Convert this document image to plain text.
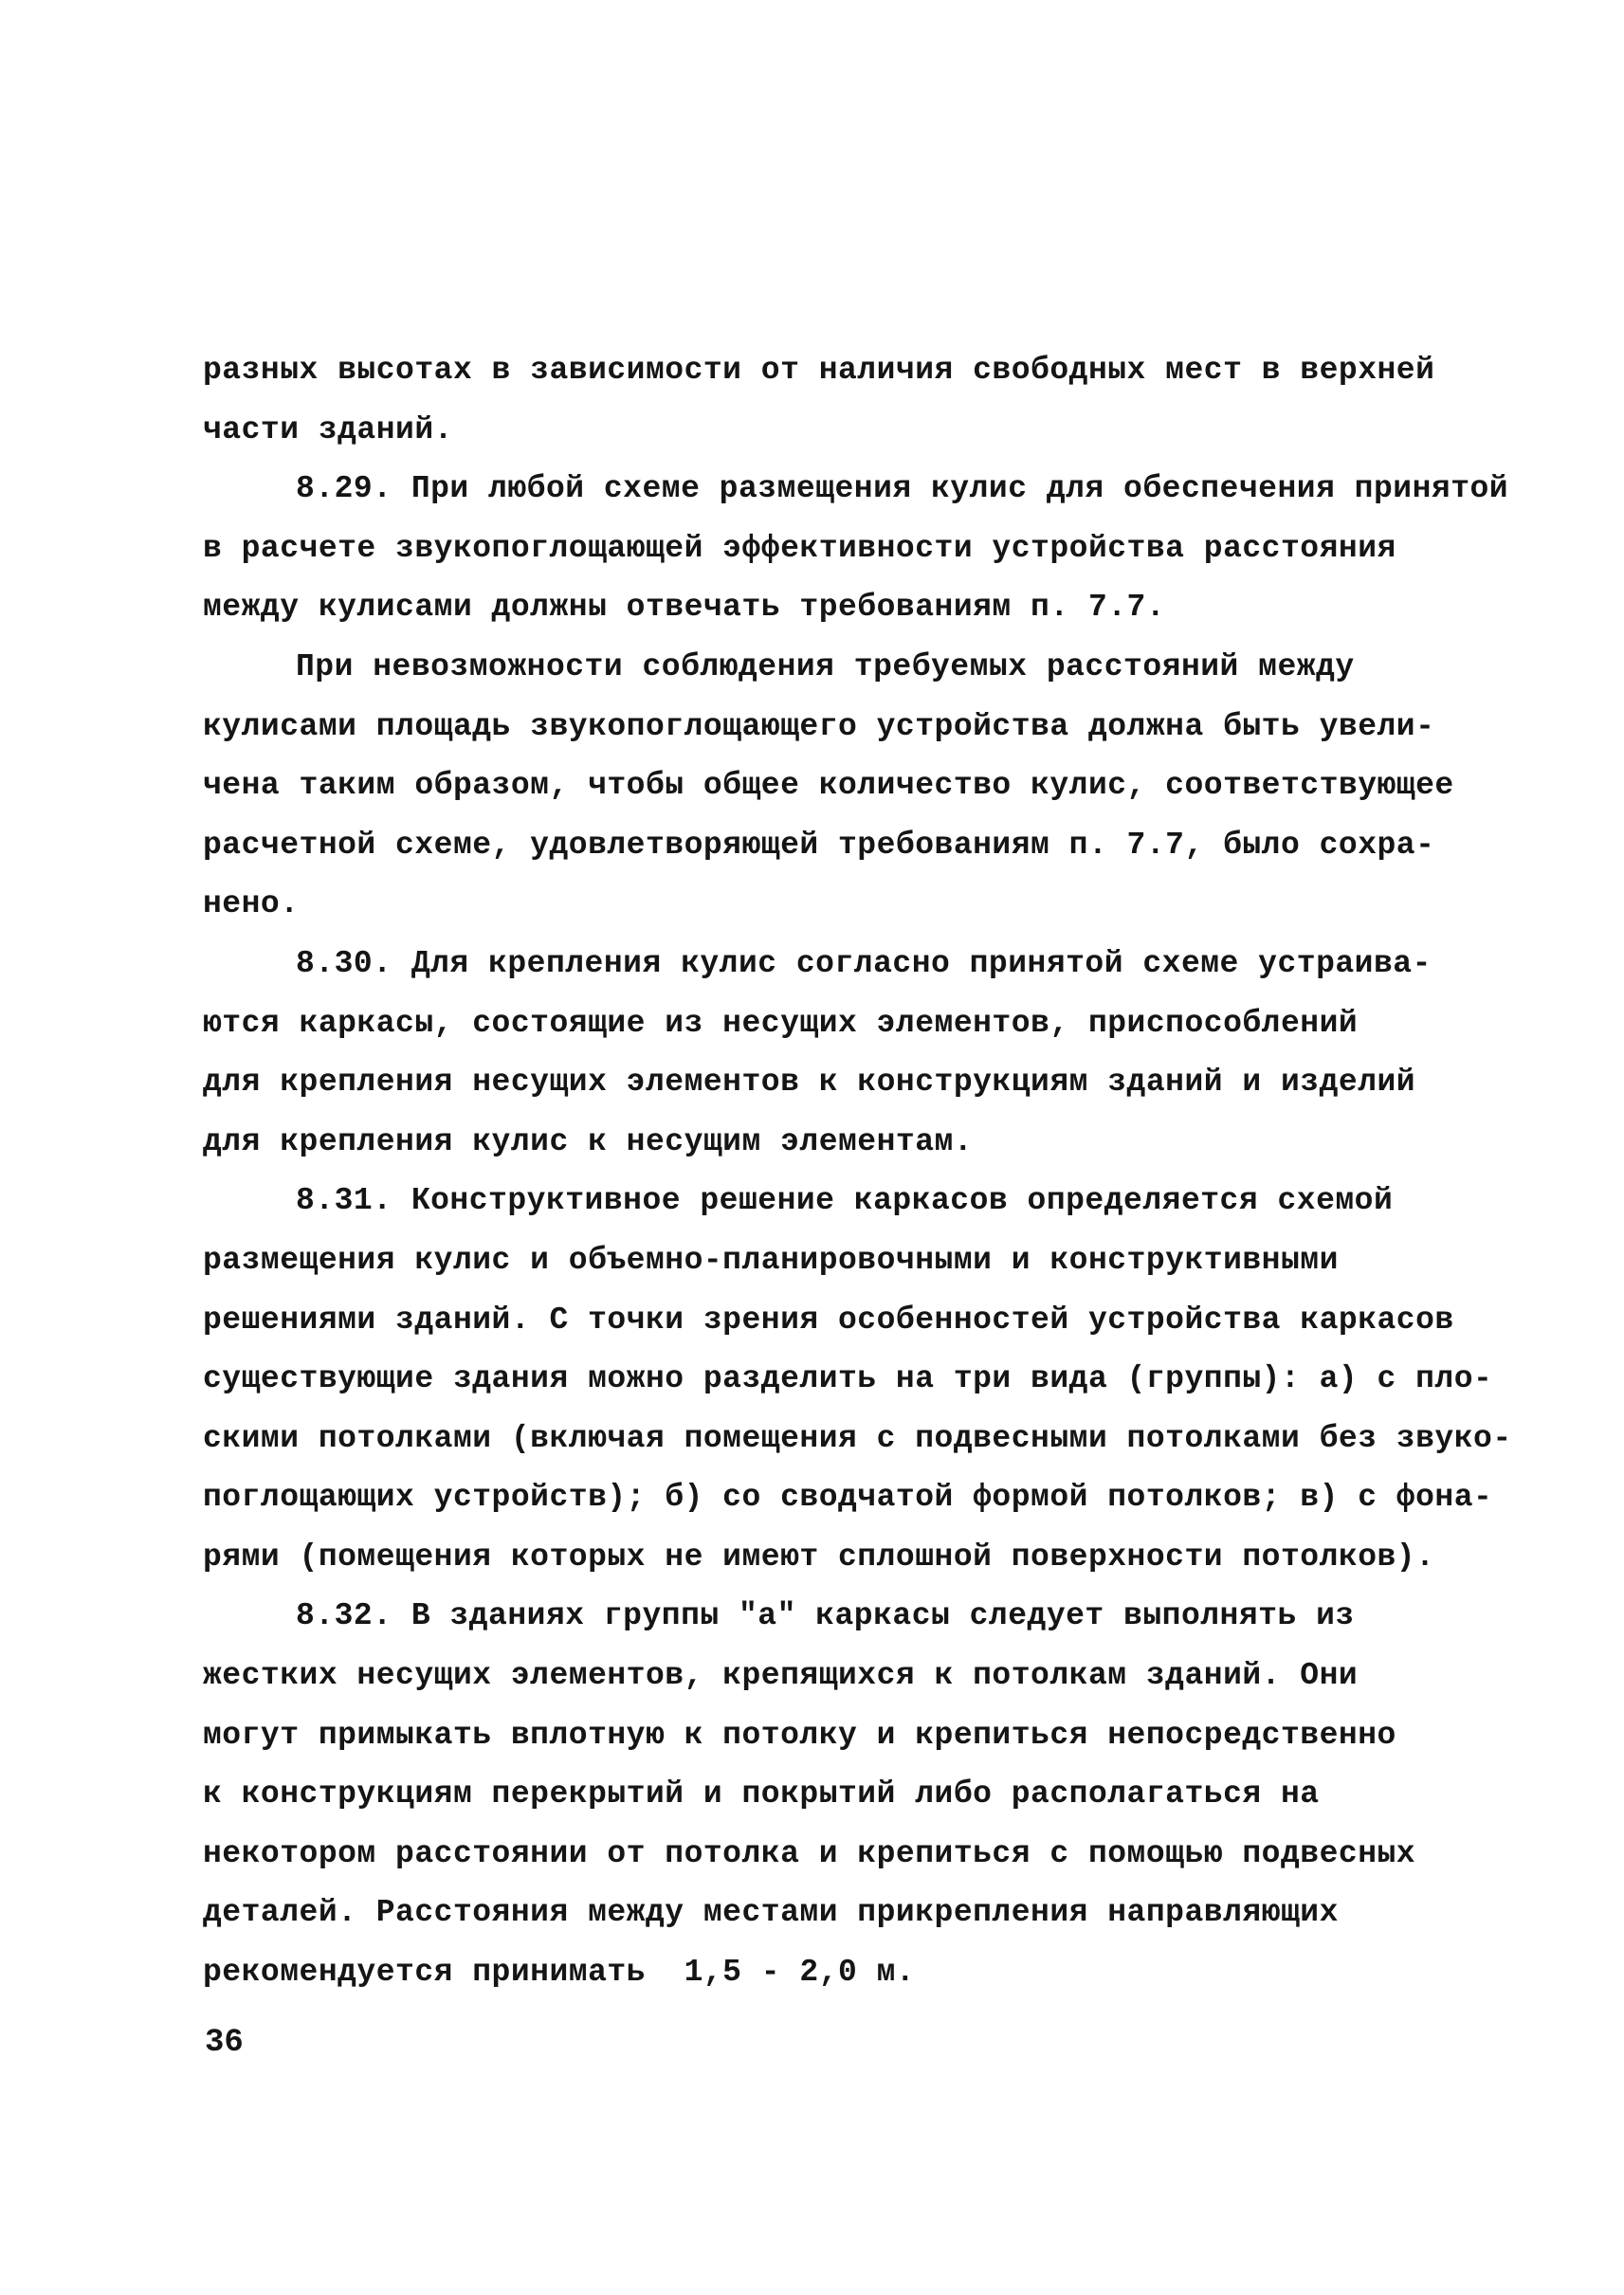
разных высотах в зависимости от наличия свободных мест в верхней
части зданий.
8.29. При любой схеме размещения кулис для обеспечения принятой
в расчете звукопоглощающей эффективности устройства расстояния
между кулисами должны отвечать требованиям п. 7.7.
При невозможности соблюдения требуемых расстояний между
кулисами площадь звукопоглощающего устройства должна быть увели-
чена таким образом, чтобы общее количество кулис, соответствующее
расчетной схеме, удовлетворяющей требованиям п. 7.7, было сохра-
нено.
8.30. Для крепления кулис согласно принятой схеме устраива-
ются каркасы, состоящие из несущих элементов, приспособлений
для крепления несущих элементов к конструкциям зданий и изделий
для крепления кулис к несущим элементам.
8.31. Конструктивное решение каркасов определяется схемой
размещения кулис и объемно-планировочными и конструктивными
решениями зданий. С точки зрения особенностей устройства каркасов
существующие здания можно разделить на три вида (группы): а) с пло-
скими потолками (включая помещения с подвесными потолками без звуко-
поглощающих устройств); б) со сводчатой формой потолков; в) с фона-
рями (помещения которых не имеют сплошной поверхности потолков).
8.32. В зданиях группы "а" каркасы следует выполнять из
жестких несущих элементов, крепящихся к потолкам зданий. Они
могут примыкать вплотную к потолку и крепиться непосредственно
к конструкциям перекрытий и покрытий либо располагаться на
некотором расстоянии от потолка и крепиться с помощью подвесных
деталей. Расстояния между местами прикрепления направляющих
рекомендуется принимать  1,5 - 2,0 м.
36
